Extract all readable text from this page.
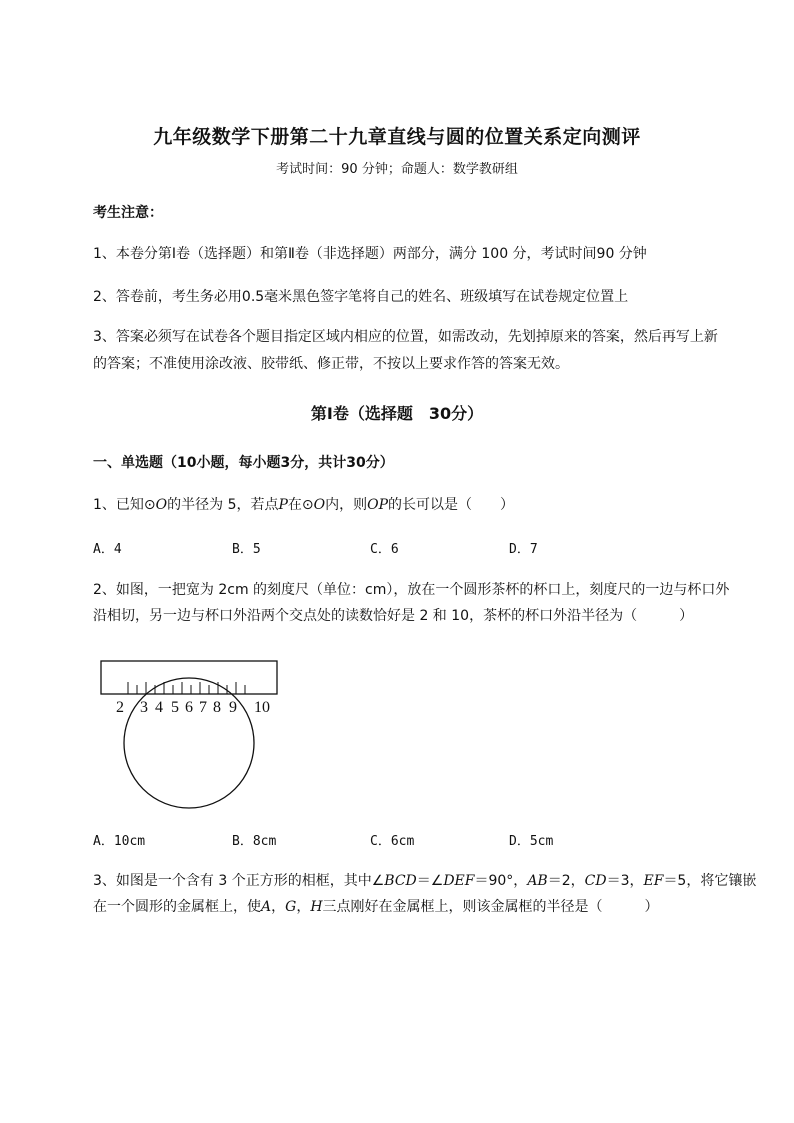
九年级数学下册第二十九章直线与圆的位置关系定向测评
考试时间：90 分钟；命题人：数学教研组
考生注意：
1、本卷分第Ⅰ卷（选择题）和第Ⅱ卷（非选择题）两部分，满分 100 分，考试时间90 分钟
2、答卷前，考生务必用0.5毫米黑色签字笔将自己的姓名、班级填写在试卷规定位置上
3、答案必须写在试卷各个题目指定区域内相应的位置，如需改动，先划掉原来的答案，然后再写上新
的答案；不准使用涂改液、胶带纸、修正带，不按以上要求作答的答案无效。
第Ⅰ卷（选择题　30分）
一、单选题（10小题，每小题3分，共计30分）
1、已知⊙O的半径为 5，若点P在⊙O内，则OP的长可以是（　　）
A．4	B．5	C．6	D．7
2、如图，一把宽为 2cm 的刻度尺（单位：cm），放在一个圆形茶杯的杯口上，刻度尺的一边与杯口外
沿相切，另一边与杯口外沿两个交点处的读数恰好是 2 和 10，茶杯的杯口外沿半径为（　　　）
2 3 4 5 6 7 8 9 10
A．10cm	B．8cm	C．6cm	D．5cm
3、如图是一个含有 3 个正方形的相框，其中∠BCD＝∠DEF＝90°，AB＝2，CD＝3，EF＝5，将它镶嵌
在一个圆形的金属框上，使A，G，H三点刚好在金属框上，则该金属框的半径是（　　　）
